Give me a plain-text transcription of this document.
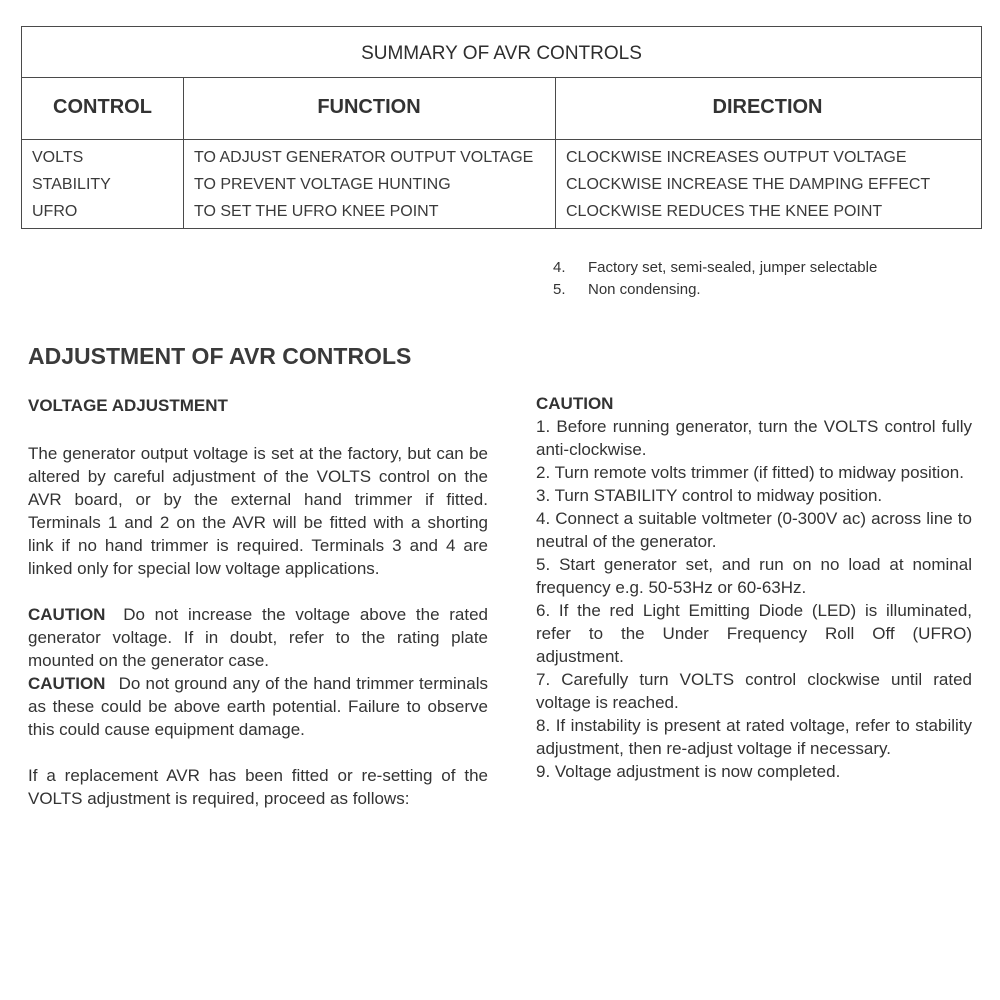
SUMMARY OF AVR CONTROLS
CONTROL	FUNCTION	DIRECTION
VOLTS
STABILITY
UFRO
TO ADJUST GENERATOR OUTPUT VOLTAGE
TO PREVENT VOLTAGE HUNTING
TO SET THE UFRO KNEE POINT
CLOCKWISE INCREASES OUTPUT VOLTAGE
CLOCKWISE INCREASE THE DAMPING EFFECT
CLOCKWISE REDUCES THE KNEE POINT
4. Factory set, semi-sealed, jumper selectable
5. Non condensing.
ADJUSTMENT OF AVR CONTROLS
VOLTAGE ADJUSTMENT
The generator output voltage is set at the factory, but can be altered by careful adjustment of the VOLTS control on the AVR board, or by the external hand trimmer if fitted. Terminals 1 and 2 on the AVR will be fitted with a shorting link if no hand trimmer is required. Terminals 3 and 4 are linked only for special low voltage applications.
CAUTION Do not increase the voltage above the rated generator voltage. If in doubt, refer to the rating plate mounted on the generator case.
CAUTION Do not ground any of the hand trimmer terminals as these could be above earth potential. Failure to observe this could cause equipment damage.
If a replacement AVR has been fitted or re-setting of the VOLTS adjustment is required, proceed as follows:
CAUTION

1. Before running generator, turn the VOLTS control fully anti-clockwise.

2. Turn remote volts trimmer (if fitted) to midway position.

3. Turn STABILITY control to midway position.

4. Connect a suitable voltmeter (0-300V ac) across line to neutral of the generator.

5. Start generator set, and run on no load at nominal frequency e.g. 50-53Hz or 60-63Hz.

6. If the red Light Emitting Diode (LED) is illuminated, refer to the Under Frequency Roll Off (UFRO) adjustment.

7. Carefully turn VOLTS control clockwise until rated voltage is reached.

8. If instability is present at rated voltage, refer to stability adjustment, then re-adjust voltage if necessary.

9. Voltage adjustment is now completed.
